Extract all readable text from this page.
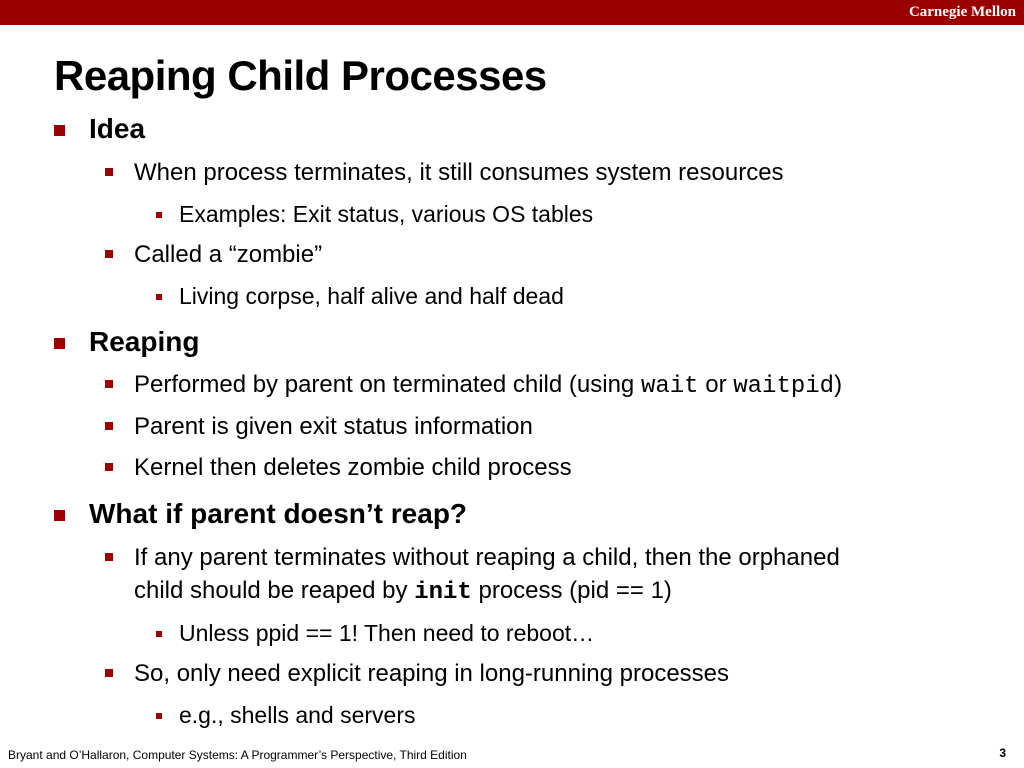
Carnegie Mellon
Reaping Child Processes
Idea
When process terminates, it still consumes system resources
Examples: Exit status, various OS tables
Called a “zombie”
Living corpse, half alive and half dead
Reaping
Performed by parent on terminated child (using wait or waitpid)
Parent is given exit status information
Kernel then deletes zombie child process
What if parent doesn’t reap?
If any parent terminates without reaping a child, then the orphaned
child should be reaped by init process (pid == 1)
Unless ppid == 1! Then need to reboot…
So, only need explicit reaping in long-running processes
e.g., shells and servers
Bryant and O’Hallaron, Computer Systems: A Programmer’s Perspective, Third Edition	3
